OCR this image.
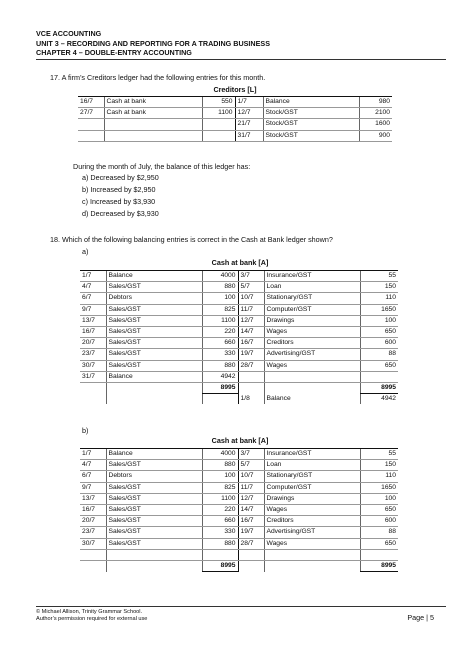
VCE ACCOUNTING
UNIT 3 – RECORDING AND REPORTING FOR A TRADING BUSINESS
CHAPTER 4 – DOUBLE-ENTRY ACCOUNTING
17. A firm’s Creditors ledger had the following entries for this month.
Creditors [L]
16/7	Cash at bank	550	1/7	Balance	980
27/7	Cash at bank	1100	12/7	Stock/GST	2100
			21/7	Stock/GST	1600
			31/7	Stock/GST	900
During the month of July, the balance of this ledger has:
a) Decreased by $2,950
b) Increased by $2,950
c) Increased by $3,930
d) Decreased by $3,930
18. Which of the following balancing entries is correct in the Cash at Bank ledger shown?
a)
Cash at bank [A]
1/7	Balance	4000	3/7	Insurance/GST	55
4/7	Sales/GST	880	5/7	Loan	150
6/7	Debtors	100	10/7	Stationary/GST	110
9/7	Sales/GST	825	11/7	Computer/GST	1650
13/7	Sales/GST	1100	12/7	Drawings	100
16/7	Sales/GST	220	14/7	Wages	650
20/7	Sales/GST	660	16/7	Creditors	600
23/7	Sales/GST	330	19/7	Advertising/GST	88
30/7	Sales/GST	880	28/7	Wages	650
31/7	Balance	4942			
		8995			8995
			1/8	Balance	4942
b)
Cash at bank [A]
1/7	Balance	4000	3/7	Insurance/GST	55
4/7	Sales/GST	880	5/7	Loan	150
6/7	Debtors	100	10/7	Stationary/GST	110
9/7	Sales/GST	825	11/7	Computer/GST	1650
13/7	Sales/GST	1100	12/7	Drawings	100
16/7	Sales/GST	220	14/7	Wages	650
20/7	Sales/GST	660	16/7	Creditors	600
23/7	Sales/GST	330	19/7	Advertising/GST	88
30/7	Sales/GST	880	28/7	Wages	650

		8995			8995
© Michael Allison, Trinity Grammar School.
Author’s permission required for external use	Page | 5
